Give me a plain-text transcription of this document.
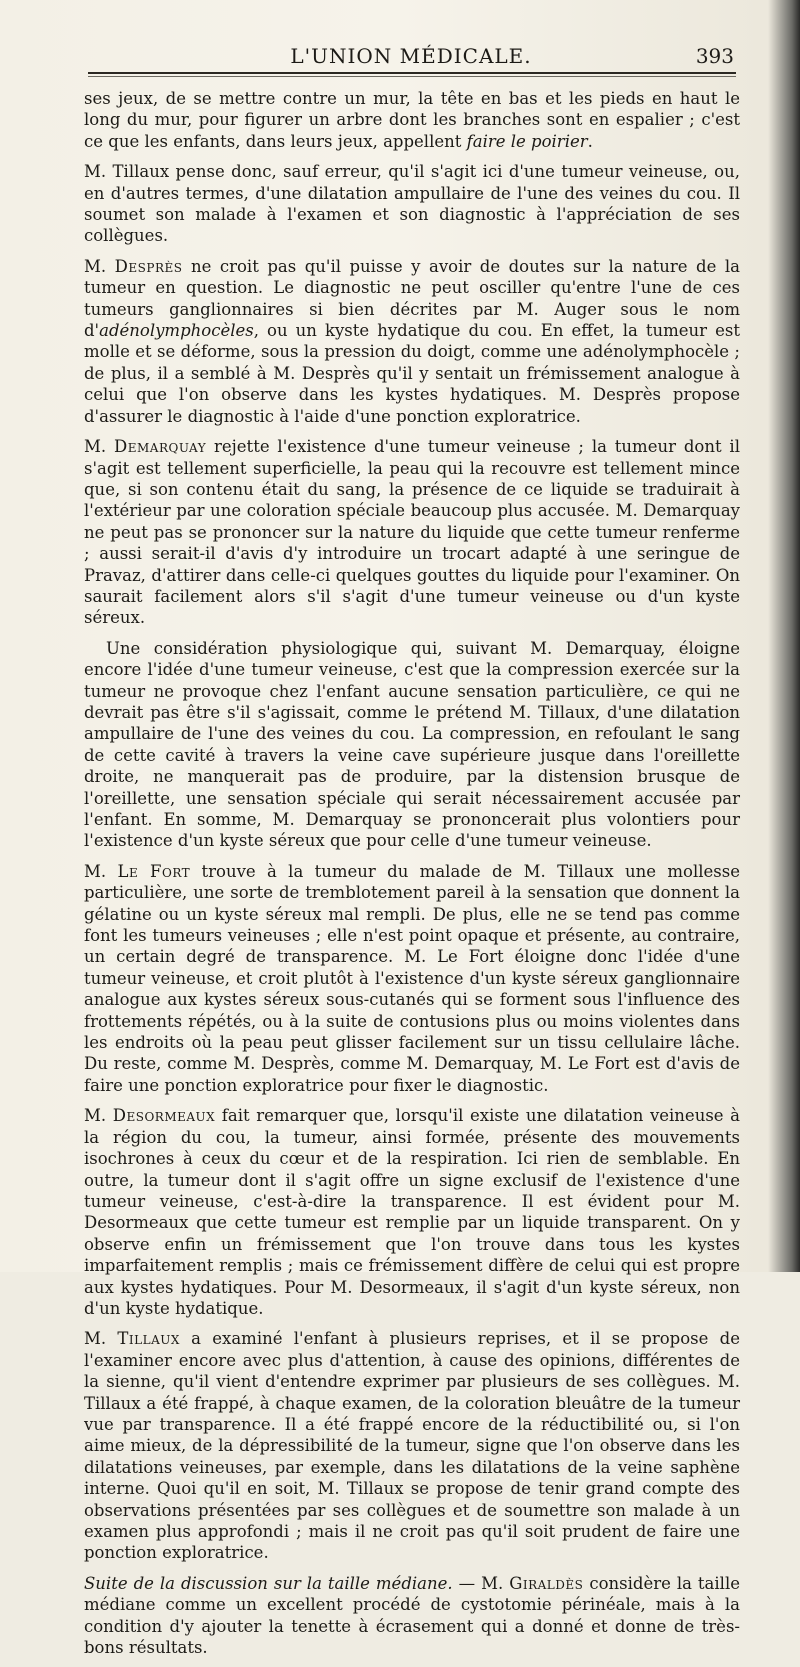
L'UNION MÉDICALE.	393

ses jeux, de se mettre contre un mur, la tête en bas et les pieds en haut le long du mur, pour figurer un arbre dont les branches sont en espalier ; c'est ce que les enfants, dans leurs jeux, appellent faire le poirier.

M. Tillaux pense donc, sauf erreur, qu'il s'agit ici d'une tumeur veineuse, ou, en d'autres termes, d'une dilatation ampullaire de l'une des veines du cou. Il soumet son malade à l'examen et son diagnostic à l'appréciation de ses collègues.

M. Desprès ne croit pas qu'il puisse y avoir de doutes sur la nature de la tumeur en question. Le diagnostic ne peut osciller qu'entre l'une de ces tumeurs ganglionnaires si bien décrites par M. Auger sous le nom d'adénolymphocèles, ou un kyste hydatique du cou. En effet, la tumeur est molle et se déforme, sous la pression du doigt, comme une adénolymphocèle ; de plus, il a semblé à M. Desprès qu'il y sentait un frémissement analogue à celui que l'on observe dans les kystes hydatiques. M. Desprès propose d'assurer le diagnostic à l'aide d'une ponction exploratrice.

M. Demarquay rejette l'existence d'une tumeur veineuse ; la tumeur dont il s'agit est tellement superficielle, la peau qui la recouvre est tellement mince que, si son contenu était du sang, la présence de ce liquide se traduirait à l'extérieur par une coloration spéciale beaucoup plus accusée. M. Demarquay ne peut pas se prononcer sur la nature du liquide que cette tumeur renferme ; aussi serait-il d'avis d'y introduire un trocart adapté à une seringue de Pravaz, d'attirer dans celle-ci quelques gouttes du liquide pour l'examiner. On saurait facilement alors s'il s'agit d'une tumeur veineuse ou d'un kyste séreux.

Une considération physiologique qui, suivant M. Demarquay, éloigne encore l'idée d'une tumeur veineuse, c'est que la compression exercée sur la tumeur ne provoque chez l'enfant aucune sensation particulière, ce qui ne devrait pas être s'il s'agissait, comme le prétend M. Tillaux, d'une dilatation ampullaire de l'une des veines du cou. La compression, en refoulant le sang de cette cavité à travers la veine cave supérieure jusque dans l'oreillette droite, ne manquerait pas de produire, par la distension brusque de l'oreillette, une sensation spéciale qui serait nécessairement accusée par l'enfant. En somme, M. Demarquay se prononcerait plus volontiers pour l'existence d'un kyste séreux que pour celle d'une tumeur veineuse.

M. Le Fort trouve à la tumeur du malade de M. Tillaux une mollesse particulière, une sorte de tremblotement pareil à la sensation que donnent la gélatine ou un kyste séreux mal rempli. De plus, elle ne se tend pas comme font les tumeurs veineuses ; elle n'est point opaque et présente, au contraire, un certain degré de transparence. M. Le Fort éloigne donc l'idée d'une tumeur veineuse, et croit plutôt à l'existence d'un kyste séreux ganglionnaire analogue aux kystes séreux sous-cutanés qui se forment sous l'influence des frottements répétés, ou à la suite de contusions plus ou moins violentes dans les endroits où la peau peut glisser facilement sur un tissu cellulaire lâche. Du reste, comme M. Desprès, comme M. Demarquay, M. Le Fort est d'avis de faire une ponction exploratrice pour fixer le diagnostic.

M. Desormeaux fait remarquer que, lorsqu'il existe une dilatation veineuse à la région du cou, la tumeur, ainsi formée, présente des mouvements isochrones à ceux du cœur et de la respiration. Ici rien de semblable. En outre, la tumeur dont il s'agit offre un signe exclusif de l'existence d'une tumeur veineuse, c'est-à-dire la transparence. Il est évident pour M. Desormeaux que cette tumeur est remplie par un liquide transparent. On y observe enfin un frémissement que l'on trouve dans tous les kystes imparfaitement remplis ; mais ce frémissement diffère de celui qui est propre aux kystes hydatiques. Pour M. Desormeaux, il s'agit d'un kyste séreux, non d'un kyste hydatique.

M. Tillaux a examiné l'enfant à plusieurs reprises, et il se propose de l'examiner encore avec plus d'attention, à cause des opinions, différentes de la sienne, qu'il vient d'entendre exprimer par plusieurs de ses collègues. M. Tillaux a été frappé, à chaque examen, de la coloration bleuâtre de la tumeur vue par transparence. Il a été frappé encore de la réductibilité ou, si l'on aime mieux, de la dépressibilité de la tumeur, signe que l'on observe dans les dilatations veineuses, par exemple, dans les dilatations de la veine saphène interne. Quoi qu'il en soit, M. Tillaux se propose de tenir grand compte des observations présentées par ses collègues et de soumettre son malade à un examen plus approfondi ; mais il ne croit pas qu'il soit prudent de faire une ponction exploratrice.

Suite de la discussion sur la taille médiane. — M. Giraldès considère la taille médiane comme un excellent procédé de cystotomie périnéale, mais à la condition d'y ajouter la tenette à écrasement qui a donné et donne de très-bons résultats.
